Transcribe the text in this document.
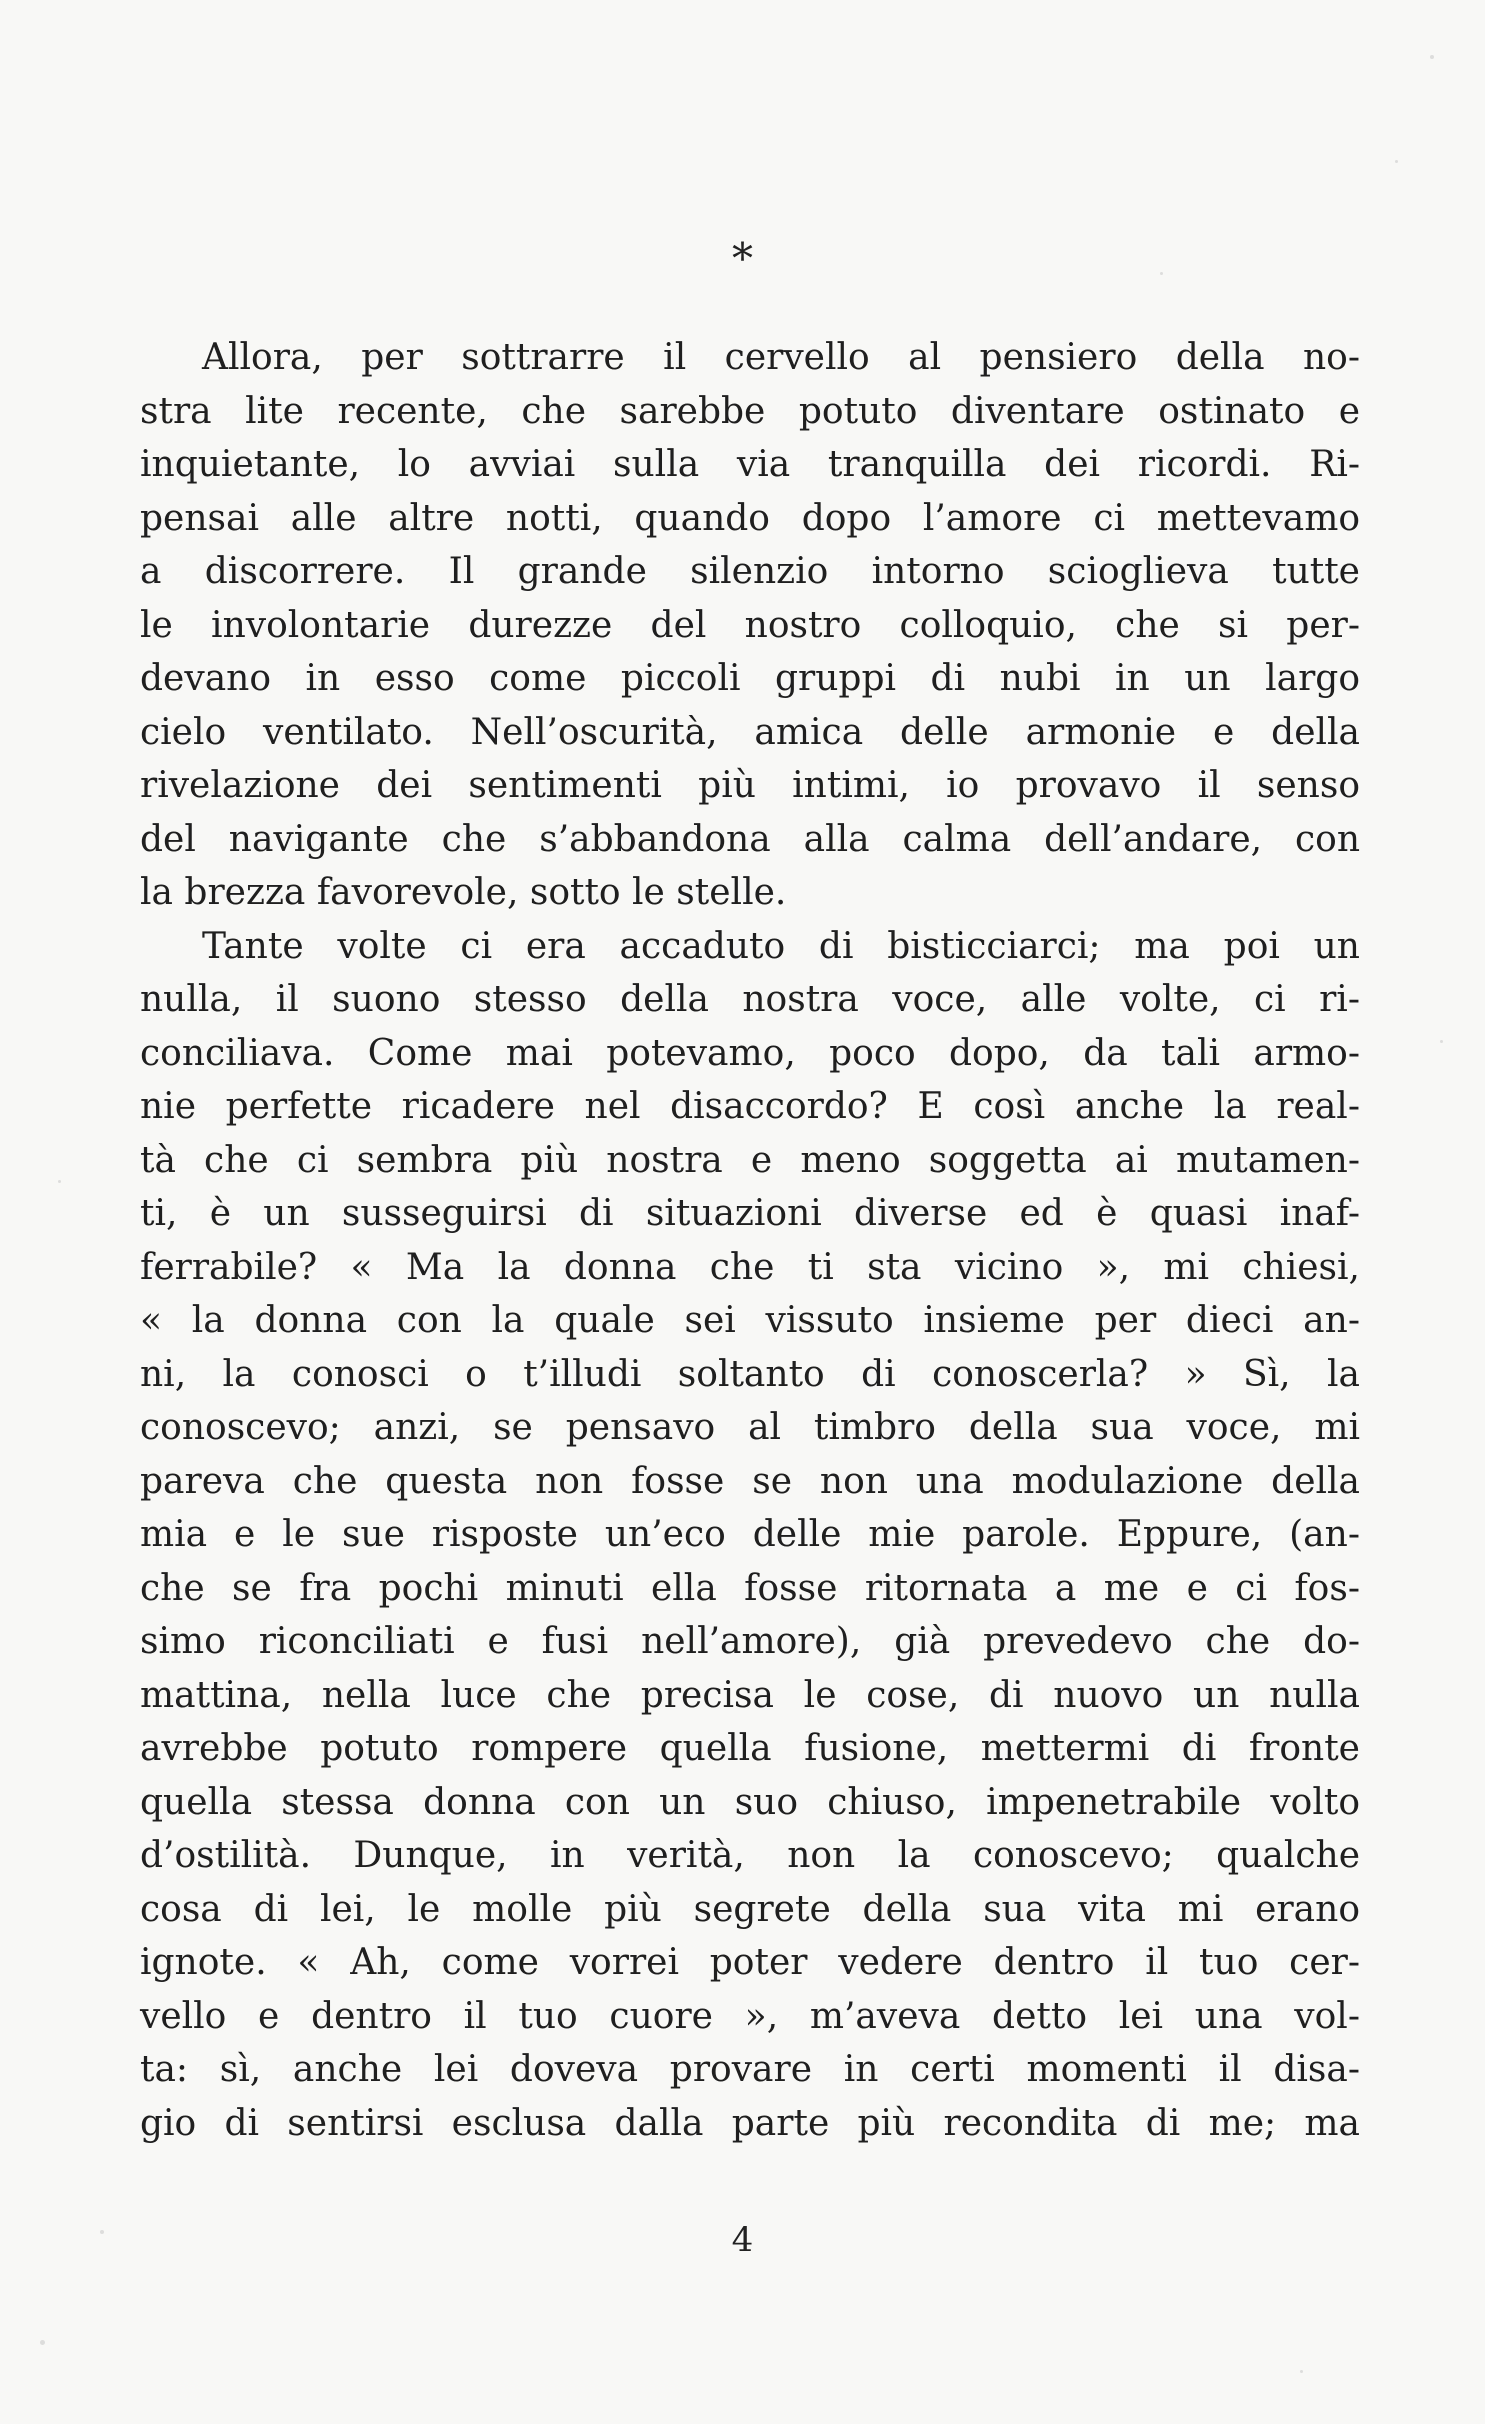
*
Allora, per sottrarre il cervello al pensiero della no-
stra lite recente, che sarebbe potuto diventare ostinato e
inquietante, lo avviai sulla via tranquilla dei ricordi. Ri-
pensai alle altre notti, quando dopo l’amore ci mettevamo
a discorrere. Il grande silenzio intorno scioglieva tutte
le involontarie durezze del nostro colloquio, che si per-
devano in esso come piccoli gruppi di nubi in un largo
cielo ventilato. Nell’oscurità, amica delle armonie e della
rivelazione dei sentimenti più intimi, io provavo il senso
del navigante che s’abbandona alla calma dell’andare, con
la brezza favorevole, sotto le stelle.
Tante volte ci era accaduto di bisticciarci; ma poi un
nulla, il suono stesso della nostra voce, alle volte, ci ri-
conciliava. Come mai potevamo, poco dopo, da tali armo-
nie perfette ricadere nel disaccordo? E così anche la real-
tà che ci sembra più nostra e meno soggetta ai mutamen-
ti, è un susseguirsi di situazioni diverse ed è quasi inaf-
ferrabile? « Ma la donna che ti sta vicino », mi chiesi,
« la donna con la quale sei vissuto insieme per dieci an-
ni, la conosci o t’illudi soltanto di conoscerla? » Sì, la
conoscevo; anzi, se pensavo al timbro della sua voce, mi
pareva che questa non fosse se non una modulazione della
mia e le sue risposte un’eco delle mie parole. Eppure, (an-
che se fra pochi minuti ella fosse ritornata a me e ci fos-
simo riconciliati e fusi nell’amore), già prevedevo che do-
mattina, nella luce che precisa le cose, di nuovo un nulla
avrebbe potuto rompere quella fusione, mettermi di fronte
quella stessa donna con un suo chiuso, impenetrabile volto
d’ostilità. Dunque, in verità, non la conoscevo; qualche
cosa di lei, le molle più segrete della sua vita mi erano
ignote. « Ah, come vorrei poter vedere dentro il tuo cer-
vello e dentro il tuo cuore », m’aveva detto lei una vol-
ta: sì, anche lei doveva provare in certi momenti il disa-
gio di sentirsi esclusa dalla parte più recondita di me; ma
4
